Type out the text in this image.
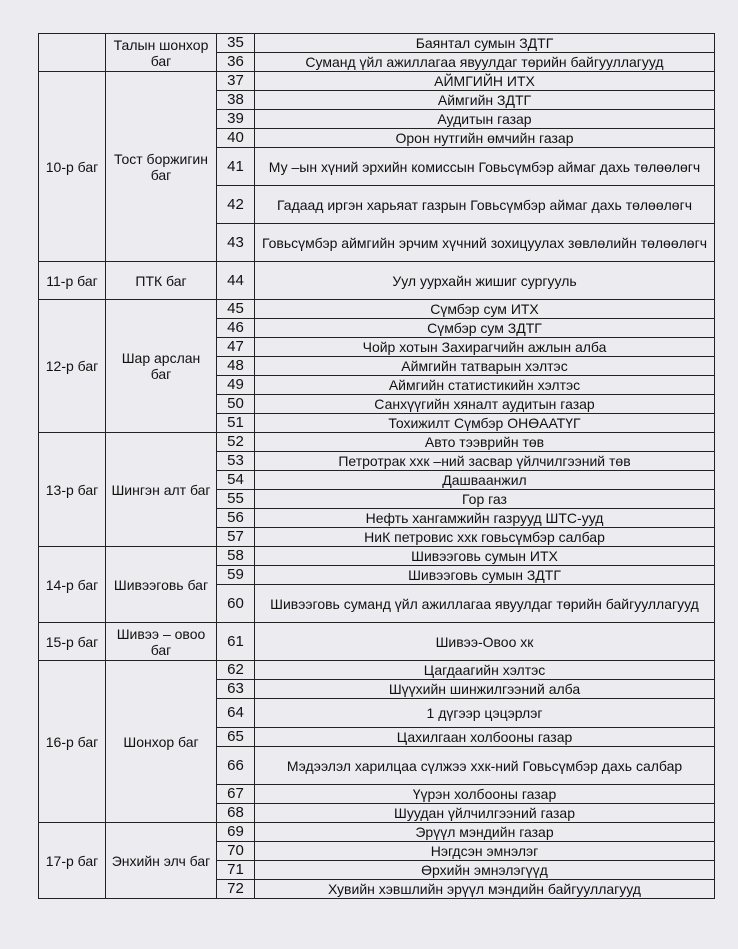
	Талын шонхор баг	35	Баянтал сумын ЗДТГ
		36	Суманд үйл ажиллагаа явуулдаг төрийн байгууллагууд
10-р баг	Тост боржигин баг	37	АЙМГИЙН ИТХ
		38	Аймгийн ЗДТГ
		39	Аудитын газар
		40	Орон нутгийн өмчийн газар
		41	Му –ын хүний эрхийн комиссын Говьсүмбэр аймаг дахь төлөөлөгч
		42	Гадаад иргэн харьяат газрын Говьсүмбэр аймаг дахь төлөөлөгч
		43	Говьсүмбэр аймгийн эрчим хүчний зохицуулах зөвлөлийн төлөөлөгч
11-р баг	ПТК баг	44	Уул уурхайн жишиг сургууль
12-р баг	Шар арслан баг	45	Сүмбэр сум ИТХ
		46	Сүмбэр сум ЗДТГ
		47	Чойр хотын Захирагчийн ажлын алба
		48	Аймгийн татварын хэлтэс
		49	Аймгийн статистикийн хэлтэс
		50	Санхүүгийн хяналт аудитын газар
		51	Тохижилт Сүмбэр ОНӨААТҮГ
13-р баг	Шингэн алт баг	52	Авто тээврийн төв
		53	Петротрак ххк –ний засвар үйлчилгээний төв
		54	Дашваанжил
		55	Гор газ
		56	Нефть хангамжийн газрууд ШТС-ууд
		57	НиК петровис ххк говьсүмбэр салбар
14-р баг	Шивээговь баг	58	Шивээговь сумын ИТХ
		59	Шивээговь сумын ЗДТГ
		60	Шивээговь суманд үйл ажиллагаа явуулдаг төрийн байгууллагууд
15-р баг	Шивээ – овоо баг	61	Шивээ-Овоо хк
16-р баг	Шонхор баг	62	Цагдаагийн хэлтэс
		63	Шүүхийн шинжилгээний алба
		64	1 дүгээр цэцэрлэг
		65	Цахилгаан холбооны газар
		66	Мэдээлэл харилцаа сүлжээ ххк-ний Говьсүмбэр дахь салбар
		67	Үүрэн холбооны газар
		68	Шуудан үйлчилгээний газар
17-р баг	Энхийн элч баг	69	Эрүүл мэндийн газар
		70	Нэгдсэн эмнэлэг
		71	Өрхийн эмнэлэгүүд
		72	Хувийн хэвшлийн эрүүл мэндийн байгууллагууд
